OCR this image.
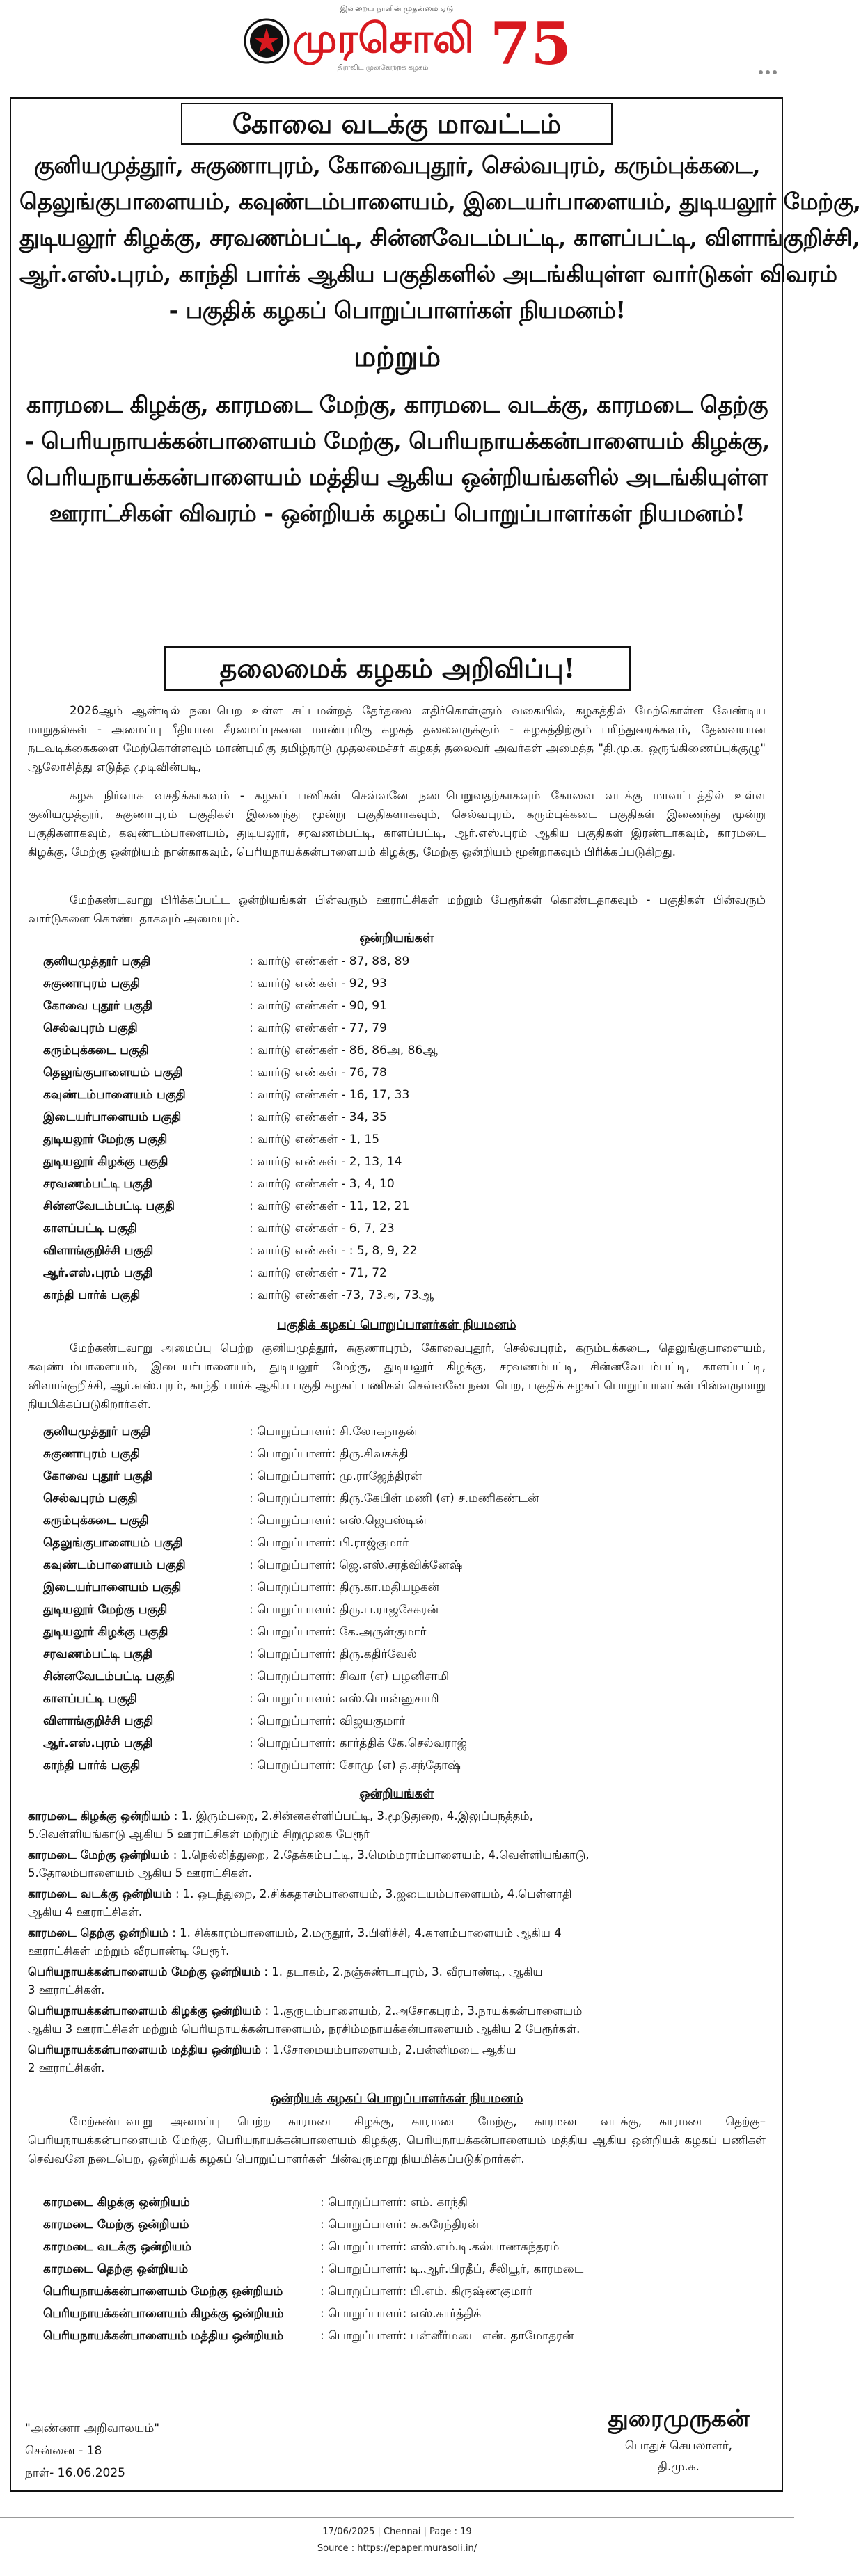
இன்றைய நாளின் முதன்மை ஏடு
முரசொலி
திராவிட முன்னேற்றக் கழகம்	75
கோவை வடக்கு மாவட்டம்
குனியமுத்தூர், சுகுணாபுரம், கோவைபுதூர், செல்வபுரம், கரும்புக்கடை,
தெலுங்குபாளையம், கவுண்டம்பாளையம், இடையர்பாளையம், துடியலூர் மேற்கு,
துடியலூர் கிழக்கு, சரவணம்பட்டி, சின்னவேடம்பட்டி, காளப்பட்டி, விளாங்குறிச்சி,
ஆர்.எஸ்.புரம், காந்தி பார்க் ஆகிய பகுதிகளில் அடங்கியுள்ள வார்டுகள் விவரம்
- பகுதிக் கழகப் பொறுப்பாளர்கள் நியமனம்!
மற்றும்
காரமடை கிழக்கு, காரமடை மேற்கு, காரமடை வடக்கு, காரமடை தெற்கு
- பெரியநாயக்கன்பாளையம் மேற்கு, பெரியநாயக்கன்பாளையம் கிழக்கு,
பெரியநாயக்கன்பாளையம் மத்திய ஆகிய ஒன்றியங்களில் அடங்கியுள்ள
ஊராட்சிகள் விவரம் - ஒன்றியக் கழகப் பொறுப்பாளர்கள் நியமனம்!
தலைமைக் கழகம் அறிவிப்பு!
2026ஆம் ஆண்டில் நடைபெற உள்ள சட்டமன்றத் தேர்தலை எதிர்கொள்ளும் வகையில், கழகத்தில் மேற்கொள்ள வேண்டிய மாறுதல்கள் - அமைப்பு ரீதியான சீரமைப்புகளை மாண்புமிகு கழகத் தலைவருக்கும் - கழகத்திற்கும் பரிந்துரைக்கவும், தேவையான நடவடிக்கைகளை மேற்கொள்ளவும் மாண்புமிகு தமிழ்நாடு முதலமைச்சர் கழகத் தலைவர் அவர்கள் அமைத்த "தி.மு.க. ஒருங்கிணைப்புக்குழு" ஆலோசித்து எடுத்த முடிவின்படி,
கழக நிர்வாக வசதிக்காகவும் - கழகப் பணிகள் செவ்வனே நடைபெறுவதற்காகவும் கோவை வடக்கு மாவட்டத்தில் உள்ள குனியமுத்தூர், சுகுணாபுரம் பகுதிகள் இணைந்து மூன்று பகுதிகளாகவும், செல்வபுரம், கரும்புக்கடை பகுதிகள் இணைந்து மூன்று பகுதிகளாகவும், கவுண்டம்பாளையம், துடியலூர், சரவணம்பட்டி, காளப்பட்டி, ஆர்.எஸ்.புரம் ஆகிய பகுதிகள் இரண்டாகவும், காரமடை கிழக்கு, மேற்கு ஒன்றியம் நான்காகவும், பெரியநாயக்கன்பாளையம் கிழக்கு, மேற்கு ஒன்றியம் மூன்றாகவும் பிரிக்கப்படுகிறது.
மேற்கண்டவாறு பிரிக்கப்பட்ட ஒன்றியங்கள் பின்வரும் ஊராட்சிகள் மற்றும் பேரூர்கள் கொண்டதாகவும் - பகுதிகள் பின்வரும் வார்டுகளை கொண்டதாகவும் அமையும்.
ஒன்றியங்கள்
குனியமுத்தூர் பகுதி	: வார்டு எண்கள் - 87, 88, 89
சுகுணாபுரம் பகுதி	: வார்டு எண்கள் - 92, 93
கோவை புதூர் பகுதி	: வார்டு எண்கள் - 90, 91
செல்வபுரம் பகுதி	: வார்டு எண்கள் - 77, 79
கரும்புக்கடை பகுதி	: வார்டு எண்கள் - 86, 86அ, 86ஆ
தெலுங்குபாளையம் பகுதி	: வார்டு எண்கள் - 76, 78
கவுண்டம்பாளையம் பகுதி	: வார்டு எண்கள் - 16, 17, 33
இடையர்பாளையம் பகுதி	: வார்டு எண்கள் - 34, 35
துடியலூர் மேற்கு பகுதி	: வார்டு எண்கள் - 1, 15
துடியலூர் கிழக்கு பகுதி	: வார்டு எண்கள் - 2, 13, 14
சரவணம்பட்டி பகுதி	: வார்டு எண்கள் - 3, 4, 10
சின்னவேடம்பட்டி பகுதி	: வார்டு எண்கள் - 11, 12, 21
காளப்பட்டி பகுதி	: வார்டு எண்கள் - 6, 7, 23
விளாங்குறிச்சி பகுதி	: வார்டு எண்கள் - : 5, 8, 9, 22
ஆர்.எஸ்.புரம் பகுதி	: வார்டு எண்கள் - 71, 72
காந்தி பார்க் பகுதி	: வார்டு எண்கள் -73, 73அ, 73ஆ
பகுதிக் கழகப் பொறுப்பாளர்கள் நியமனம்
மேற்கண்டவாறு அமைப்பு பெற்ற குனியமுத்தூர், சுகுணாபுரம், கோவைபுதூர், செல்வபுரம், கரும்புக்கடை, தெலுங்குபாளையம், கவுண்டம்பாளையம், இடையர்பாளையம், துடியலூர் மேற்கு, துடியலூர் கிழக்கு, சரவணம்பட்டி, சின்னவேடம்பட்டி, காளப்பட்டி, விளாங்குறிச்சி, ஆர்.எஸ்.புரம், காந்தி பார்க் ஆகிய பகுதி கழகப் பணிகள் செவ்வனே நடைபெற, பகுதிக் கழகப் பொறுப்பாளர்கள் பின்வருமாறு நியமிக்கப்படுகிறார்கள்.
குனியமுத்தூர் பகுதி	: பொறுப்பாளர்: சி.லோகநாதன்
சுகுணாபுரம் பகுதி	: பொறுப்பாளர்: திரு.சிவசக்தி
கோவை புதூர் பகுதி	: பொறுப்பாளர்: மு.ராஜேந்திரன்
செல்வபுரம் பகுதி	: பொறுப்பாளர்: திரு.கேபிள் மணி (எ) ச.மணிகண்டன்
கரும்புக்கடை பகுதி	: பொறுப்பாளர்: எஸ்.ஜெபஸ்டின்
தெலுங்குபாளையம் பகுதி	: பொறுப்பாளர்: பி.ராஜ்குமார்
கவுண்டம்பாளையம் பகுதி	: பொறுப்பாளர்: ஜெ.எஸ்.சரத்விக்னேஷ்
இடையர்பாளையம் பகுதி	: பொறுப்பாளர்: திரு.கா.மதியழகன்
துடியலூர் மேற்கு பகுதி	: பொறுப்பாளர்: திரு.ப.ராஜசேகரன்
துடியலூர் கிழக்கு பகுதி	: பொறுப்பாளர்: கே.அருள்குமார்
சரவணம்பட்டி பகுதி	: பொறுப்பாளர்: திரு.கதிர்வேல்
சின்னவேடம்பட்டி பகுதி	: பொறுப்பாளர்: சிவா (எ) பழனிசாமி
காளப்பட்டி பகுதி	: பொறுப்பாளர்: எஸ்.பொன்னுசாமி
விளாங்குறிச்சி பகுதி	: பொறுப்பாளர்: விஜயகுமார்
ஆர்.எஸ்.புரம் பகுதி	: பொறுப்பாளர்: கார்த்திக் கே.செல்வராஜ்
காந்தி பார்க் பகுதி	: பொறுப்பாளர்: சோமு (எ) த.சந்தோஷ்
ஒன்றியங்கள்
காரமடை கிழக்கு ஒன்றியம் : 1. இரும்பறை, 2.சின்னகள்ளிப்பட்டி, 3.மூடுதுறை, 4.இலுப்பநத்தம்,
5.வெள்ளியங்காடு ஆகிய 5 ஊராட்சிகள் மற்றும் சிறுமுகை பேரூர்
காரமடை மேற்கு ஒன்றியம் : 1.நெல்லித்துறை, 2.தேக்கம்பட்டி, 3.மெம்மராம்பாளையம், 4.வெள்ளியங்காடு,
5.தோலம்பாளையம் ஆகிய 5 ஊராட்சிகள்.
காரமடை வடக்கு ஒன்றியம் : 1. ஒடந்துறை, 2.சிக்கதாசம்பாளையம், 3.ஜடையம்பாளையம், 4.பெள்ளாதி
ஆகிய 4 ஊராட்சிகள்.
காரமடை தெற்கு ஒன்றியம் : 1. சிக்காரம்பாளையம், 2.மருதூர், 3.பிளிச்சி, 4.காளம்பாளையம் ஆகிய 4
ஊராட்சிகள் மற்றும் வீரபாண்டி பேரூர்.
பெரியநாயக்கன்பாளையம் மேற்கு ஒன்றியம் : 1. தடாகம், 2.நஞ்சுண்டாபுரம், 3. வீரபாண்டி, ஆகிய
3 ஊராட்சிகள்.
பெரியநாயக்கன்பாளையம் கிழக்கு ஒன்றியம் : 1.குருடம்பாளையம், 2.அசோகபுரம், 3.நாயக்கன்பாளையம்
ஆகிய 3 ஊராட்சிகள் மற்றும் பெரியநாயக்கன்பாளையம், நரசிம்மநாயக்கன்பாளையம் ஆகிய 2 பேரூர்கள்.
பெரியநாயக்கன்பாளையம் மத்திய ஒன்றியம் : 1.சோமையம்பாளையம், 2.பன்னிமடை ஆகிய
2 ஊராட்சிகள்.
ஒன்றியக் கழகப் பொறுப்பாளர்கள் நியமனம்
மேற்கண்டவாறு அமைப்பு பெற்ற காரமடை கிழக்கு, காரமடை மேற்கு, காரமடை வடக்கு, காரமடை தெற்கு– பெரியநாயக்கன்பாளையம் மேற்கு, பெரியநாயக்கன்பாளையம் கிழக்கு, பெரியநாயக்கன்பாளையம் மத்திய ஆகிய ஒன்றியக் கழகப் பணிகள் செவ்வனே நடைபெற, ஒன்றியக் கழகப் பொறுப்பாளர்கள் பின்வருமாறு நியமிக்கப்படுகிறார்கள்.
காரமடை கிழக்கு ஒன்றியம்	: பொறுப்பாளர்: எம். காந்தி
காரமடை மேற்கு ஒன்றியம்	: பொறுப்பாளர்: சு.சுரேந்திரன்
காரமடை வடக்கு ஒன்றியம்	: பொறுப்பாளர்: எஸ்.எம்.டி.கல்யாணசுந்தரம்
காரமடை தெற்கு ஒன்றியம்	: பொறுப்பாளர்: டி.ஆர்.பிரதீப், சீலியூர், காரமடை
பெரியநாயக்கன்பாளையம் மேற்கு ஒன்றியம்	: பொறுப்பாளர்: பி.எம். கிருஷ்ணகுமார்
பெரியநாயக்கன்பாளையம் கிழக்கு ஒன்றியம்	: பொறுப்பாளர்: எஸ்.கார்த்திக்
பெரியநாயக்கன்பாளையம் மத்திய ஒன்றியம்	: பொறுப்பாளர்: பன்னீர்மடை என். தாமோதரன்
"அண்ணா அறிவாலயம்"
சென்னை - 18
நாள்- 16.06.2025
துரைமுருகன்
பொதுச் செயலாளர்,
தி.மு.க.
17/06/2025 | Chennai | Page : 19
Source : https://epaper.murasoli.in/
